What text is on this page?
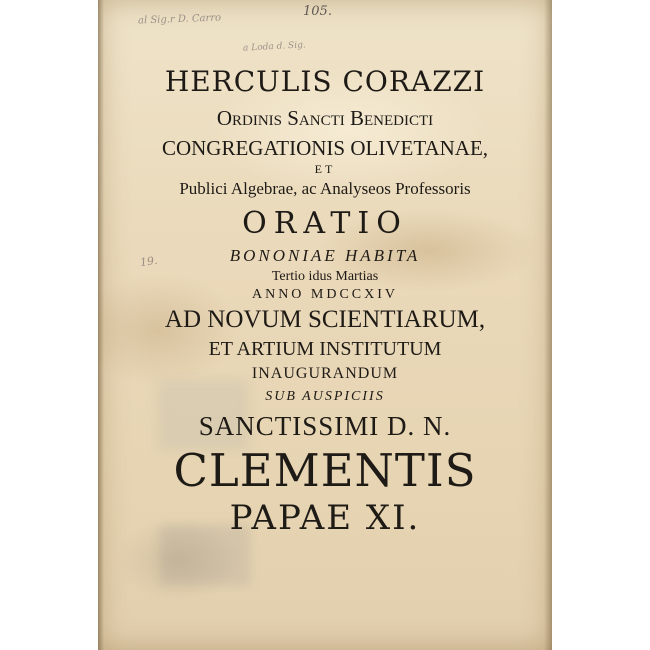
al Sig.r D. Carro
105.
a Loda d. Sig.
19.
HERCULIS CORAZZI
Ordinis Sancti Benedicti
CONGREGATIONIS OLIVETANAE,
ET
Publici Algebrae, ac Analyseos Professoris
ORATIO
BONONIAE HABITA
Tertio idus Martias
ANNO MDCCXIV
AD NOVUM SCIENTIARUM,
ET ARTIUM INSTITUTUM
INAUGURANDUM
SUB AUSPICIIS
SANCTISSIMI D. N.
CLEMENTIS
PAPAE XI.
